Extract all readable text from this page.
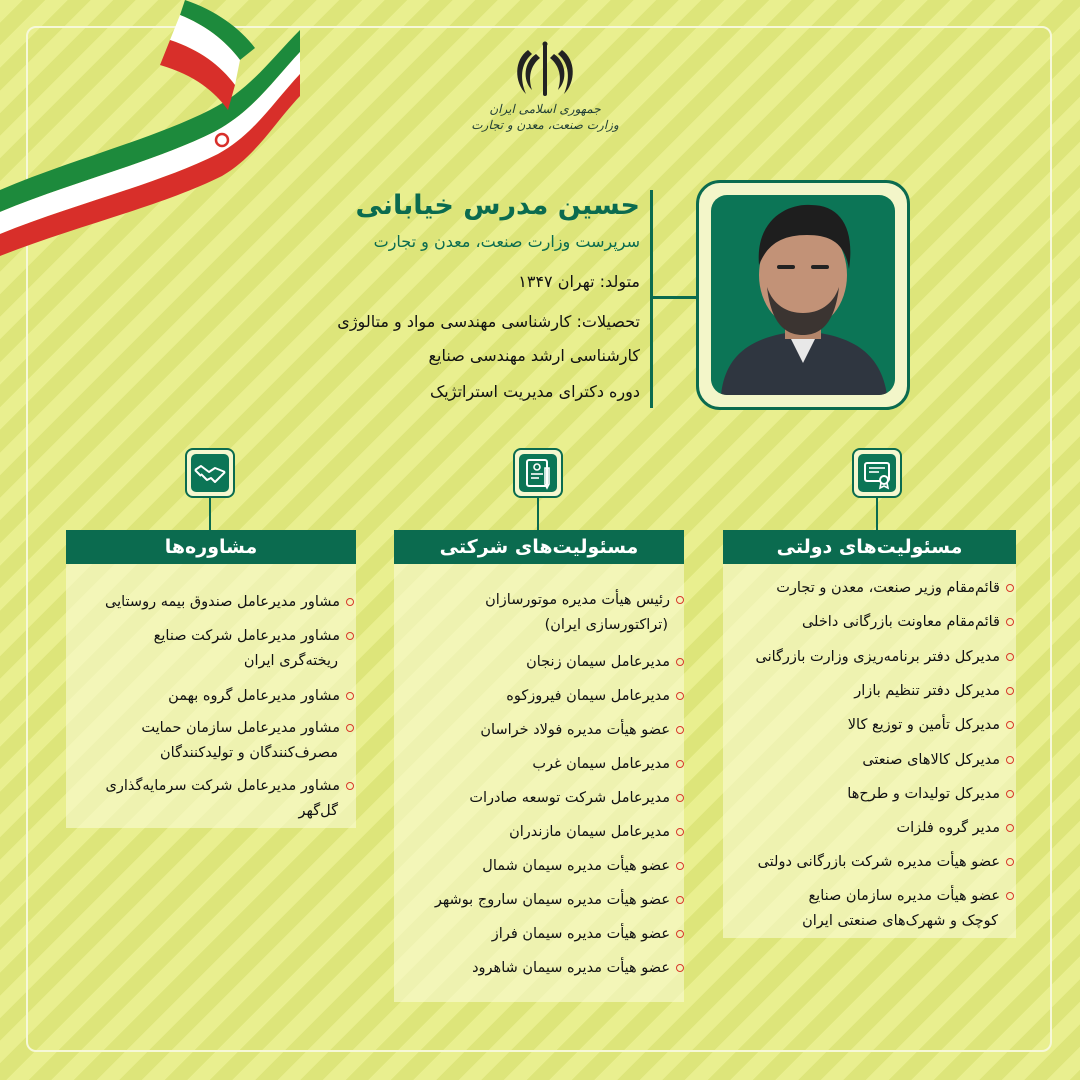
جمهوری اسلامی ایران
وزارت صنعت، معدن و تجارت
حسین مدرس خیابانی
سرپرست وزارت صنعت، معدن و تجارت
متولد: تهران ۱۳۴۷
تحصیلات: کارشناسی مهندسی مواد و متالوژی
کارشناسی ارشد مهندسی صنایع
دوره دکترای مدیریت استراتژیک
مسئولیت‌های دولتی
قائم‌مقام وزیر صنعت، معدن و تجارت
قائم‌مقام معاونت بازرگانی داخلی
مدیرکل دفتر برنامه‌ریزی وزارت بازرگانی
مدیرکل دفتر تنظیم بازار
مدیرکل تأمین و توزیع کالا
مدیرکل کالاهای صنعتی
مدیرکل تولیدات و طرح‌ها
مدیر گروه فلزات
عضو هیأت مدیره شرکت بازرگانی دولتی
عضو هیأت مدیره سازمان صنایع
کوچک و شهرک‌های صنعتی ایران
مسئولیت‌های شرکتی
رئیس هیأت مدیره موتورسازان
(تراکتورسازی ایران)
مدیرعامل سیمان زنجان
مدیرعامل سیمان فیروزکوه
عضو هیأت مدیره فولاد خراسان
مدیرعامل سیمان غرب
مدیرعامل شرکت توسعه صادرات
مدیرعامل سیمان مازندران
عضو هیأت مدیره سیمان شمال
عضو هیأت مدیره سیمان ساروج بوشهر
عضو هیأت مدیره سیمان فراز
عضو هیأت مدیره سیمان شاهرود
مشاوره‌ها
مشاور مدیرعامل صندوق بیمه روستایی
مشاور مدیرعامل شرکت صنایع
ریخته‌گری ایران
مشاور مدیرعامل گروه بهمن
مشاور مدیرعامل سازمان حمایت
مصرف‌کنندگان و تولیدکنندگان
مشاور مدیرعامل شرکت سرمایه‌گذاری
گل‌گهر
